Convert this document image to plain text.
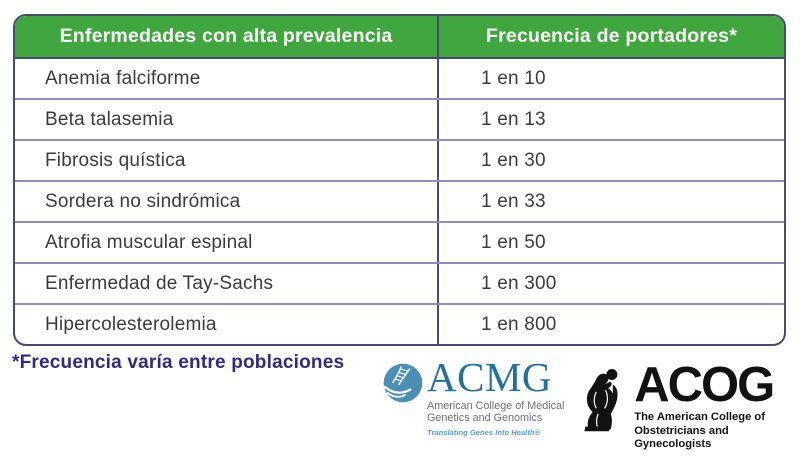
Enfermedades con alta prevalencia	Frecuencia de portadores*
Anemia falciforme	1 en 10
Beta talasemia	1 en 13
Fibrosis quística	1 en 30
Sordera no sindrómica	1 en 33
Atrofia muscular espinal	1 en 50
Enfermedad de Tay-Sachs	1 en 300
Hipercolesterolemia	1 en 800
*Frecuencia varía entre poblaciones ACMG
American College of Medical
Genetics and Genomics
Translating Genes Into Health®
ACOG
The American College of
Obstetricians and Gynecologists
